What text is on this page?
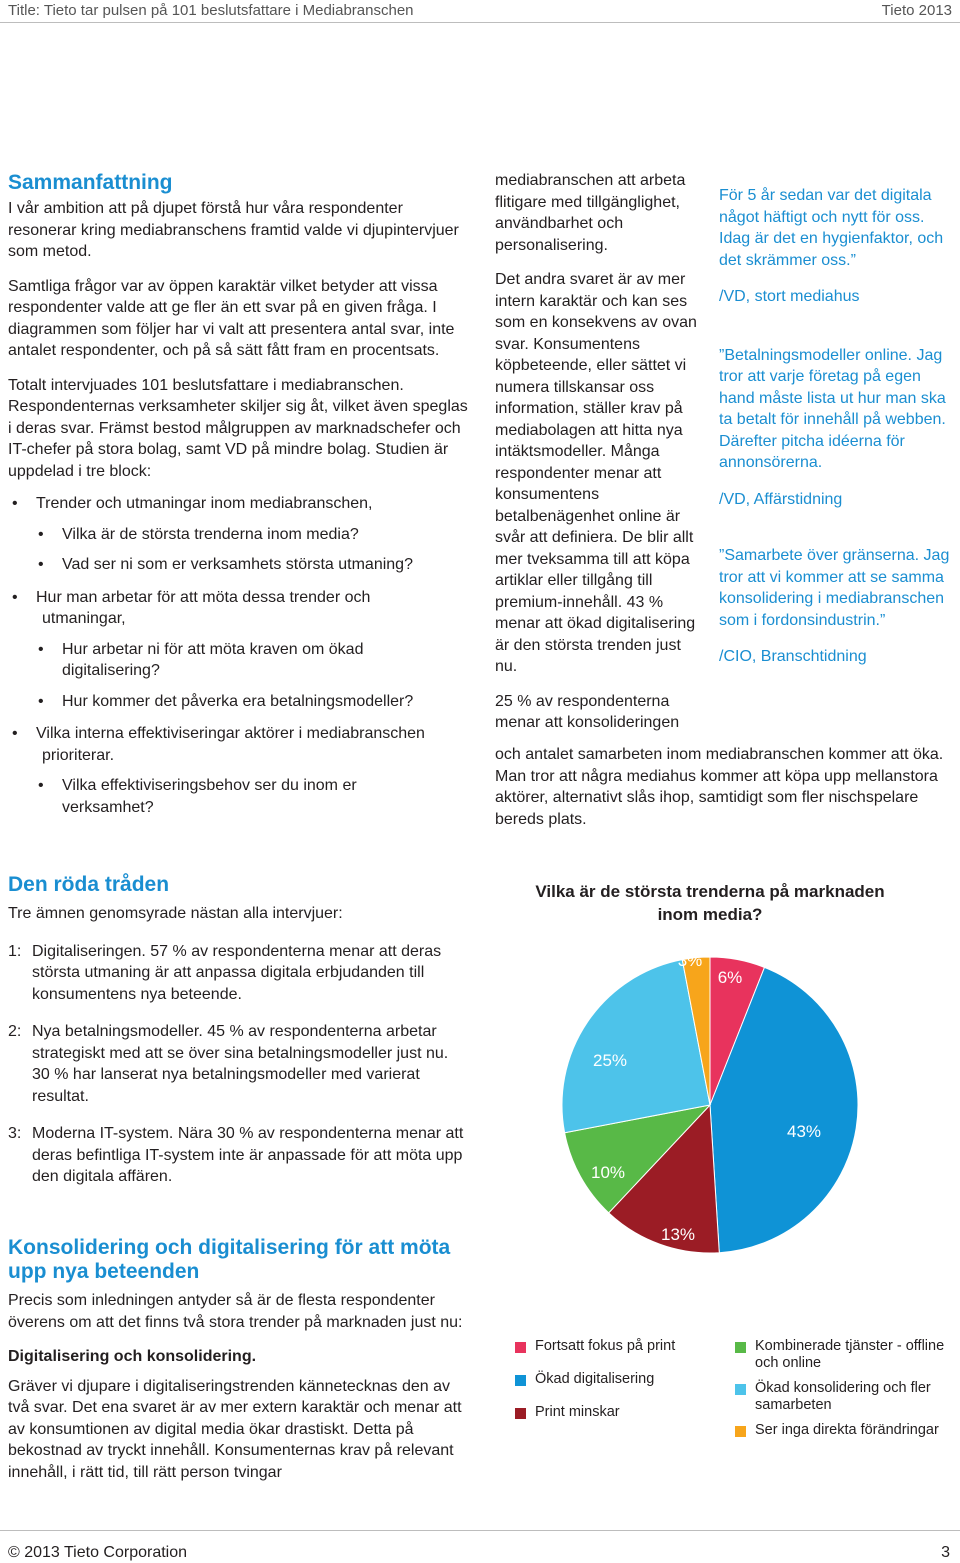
Title: Tieto tar pulsen på 101 beslutsfattare i Mediabranschen	Tieto 2013
Sammanfattning

I vår ambition att på djupet förstå hur våra respondenter resonerar kring mediabranschens framtid valde vi djupintervjuer som metod.

Samtliga frågor var av öppen karaktär vilket betyder att vissa respondenter valde att ge fler än ett svar på en given fråga. I diagrammen som följer har vi valt att presentera antal svar, inte antalet respondenter, och på så sätt fått fram en procentsats.

Totalt intervjuades 101 beslutsfattare i mediabranschen. Respondenternas verksamheter skiljer sig åt, vilket även speglas i deras svar. Främst bestod målgruppen av marknadschefer och IT-chefer på stora bolag, samt VD på mindre bolag. Studien är uppdelad i tre block:

• Trender och utmaningar inom mediabranschen,
• Vilka är de största trenderna inom media?
• Vad ser ni som er verksamhets största utmaning?
• Hur man arbetar för att möta dessa trender och
utmaningar,
• Hur arbetar ni för att möta kraven om ökad digitalisering?
• Hur kommer det påverka era betalningsmodeller?
• Vilka interna effektiviseringar aktörer i mediabranschen
prioriterar.
• Vilka effektiviseringsbehov ser du inom er verksamhet?

mediabranschen att arbeta flitigare med tillgänglighet, användbarhet och personalisering.

Det andra svaret är av mer intern karaktär och kan ses som en konsekvens av ovan svar. Konsumentens köpbeteende, eller sättet vi numera tillskansar oss information, ställer krav på mediabolagen att hitta nya intäktsmodeller. Många respondenter menar att konsumentens betalbenägenhet online är svår att definiera. De blir allt mer tveksamma till att köpa artiklar eller tillgång till premium-innehåll. 43 % menar att ökad digitalisering är den största trenden just nu.

25 % av respondenterna

menar att konsolideringen

och antalet samarbeten inom mediabranschen kommer att öka. Man tror att några mediahus kommer att köpa upp mellanstora aktörer, alternativt slås ihop, samtidigt som fler nischspelare bereds plats.

För 5 år sedan var det digitala något häftigt och nytt för oss. Idag är det en hygienfaktor, och det skrämmer oss.”
/VD, stort mediahus
”Betalningsmodeller online. Jag tror att varje företag på egen hand måste lista ut hur man ska ta betalt för innehåll på webben. Därefter pitcha idéerna för annonsörerna.
/VD, Affärstidning
”Samarbete över gränserna. Jag tror att vi kommer att se samma konsolidering i mediabranschen som i fordonsindustrin.”
/CIO, Branschtidning
Den röda tråden

Tre ämnen genomsyrade nästan alla intervjuer:

1: Digitaliseringen. 57 % av respondenterna menar att deras största utmaning är att anpassa digitala erbjudanden till konsumentens nya beteende.
2: Nya betalningsmodeller. 45 % av respondenterna arbetar strategiskt med att se över sina betalningsmodeller just nu. 30 % har lanserat nya betalningsmodeller med varierat resultat.
3: Moderna IT-system. Nära 30 % av respondenterna menar att deras befintliga IT-system inte är anpassade för att möta upp den digitala affären.
Konsolidering och digitalisering för att möta upp nya beteenden

Precis som inledningen antyder så är de flesta respondenter överens om att det finns två stora trender på marknaden just nu:

Digitalisering och konsolidering.

Gräver vi djupare i digitaliseringstrenden kännetecknas den av två svar. Det ena svaret är av mer extern karaktär och menar att av konsumtionen av digital media ökar drastiskt. Detta på bekostnad av tryckt innehåll. Konsumenternas krav på relevant innehåll, i rätt tid, till rätt person tvingar

Vilka är de största trenderna på marknaden inom media?
6%
43%
13%
10%
25%
3%
Fortsatt fokus på print
Ökad digitalisering
Print minskar
Kombinerade tjänster - offline och online
Ökad konsolidering och fler samarbeten
Ser inga direkta förändringar
© 2013 Tieto Corporation	3
